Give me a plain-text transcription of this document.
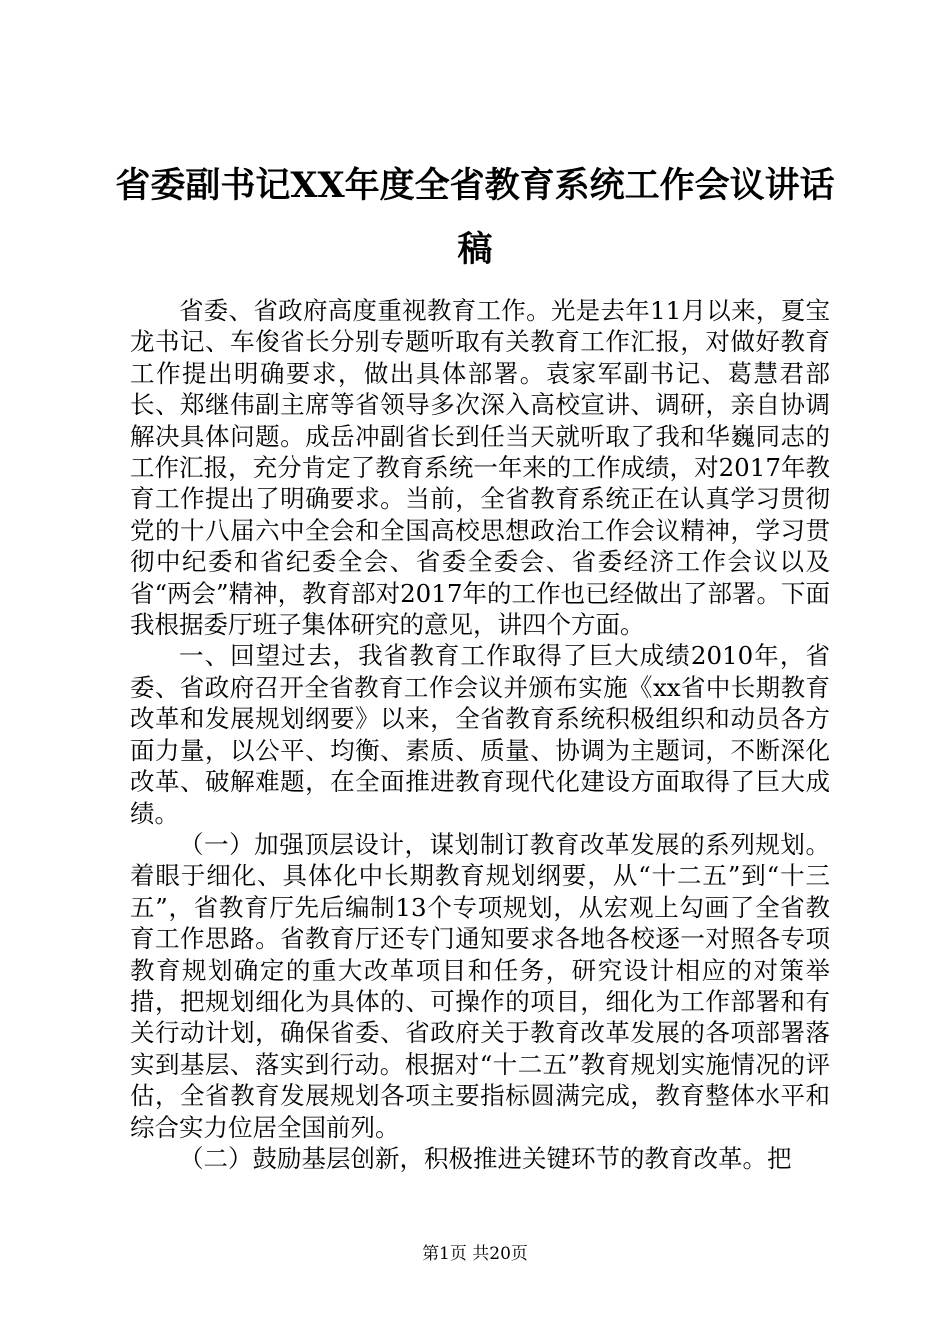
省委副书记XX年度全省教育系统工作会议讲话稿

省委、省政府高度重视教育工作。光是去年11月以来，夏宝龙书记、车俊省长分别专题听取有关教育工作汇报，对做好教育工作提出明确要求，做出具体部署。袁家军副书记、葛慧君部长、郑继伟副主席等省领导多次深入高校宣讲、调研，亲自协调解决具体问题。成岳冲副省长到任当天就听取了我和华巍同志的工作汇报，充分肯定了教育系统一年来的工作成绩，对2017年教育工作提出了明确要求。当前，全省教育系统正在认真学习贯彻党的十八届六中全会和全国高校思想政治工作会议精神，学习贯彻中纪委和省纪委全会、省委全委会、省委经济工作会议以及省“两会”精神，教育部对2017年的工作也已经做出了部署。下面我根据委厅班子集体研究的意见，讲四个方面。

一、回望过去，我省教育工作取得了巨大成绩2010年，省委、省政府召开全省教育工作会议并颁布实施《xx省中长期教育改革和发展规划纲要》以来，全省教育系统积极组织和动员各方面力量，以公平、均衡、素质、质量、协调为主题词，不断深化改革、破解难题，在全面推进教育现代化建设方面取得了巨大成绩。

（一）加强顶层设计，谋划制订教育改革发展的系列规划。着眼于细化、具体化中长期教育规划纲要，从“十二五”到“十三五”，省教育厅先后编制13个专项规划，从宏观上勾画了全省教育工作思路。省教育厅还专门通知要求各地各校逐一对照各专项教育规划确定的重大改革项目和任务，研究设计相应的对策举措，把规划细化为具体的、可操作的项目，细化为工作部署和有关行动计划，确保省委、省政府关于教育改革发展的各项部署落实到基层、落实到行动。根据对“十二五”教育规划实施情况的评估，全省教育发展规划各项主要指标圆满完成，教育整体水平和综合实力位居全国前列。

（二）鼓励基层创新，积极推进关键环节的教育改革。把

第1页 共20页
